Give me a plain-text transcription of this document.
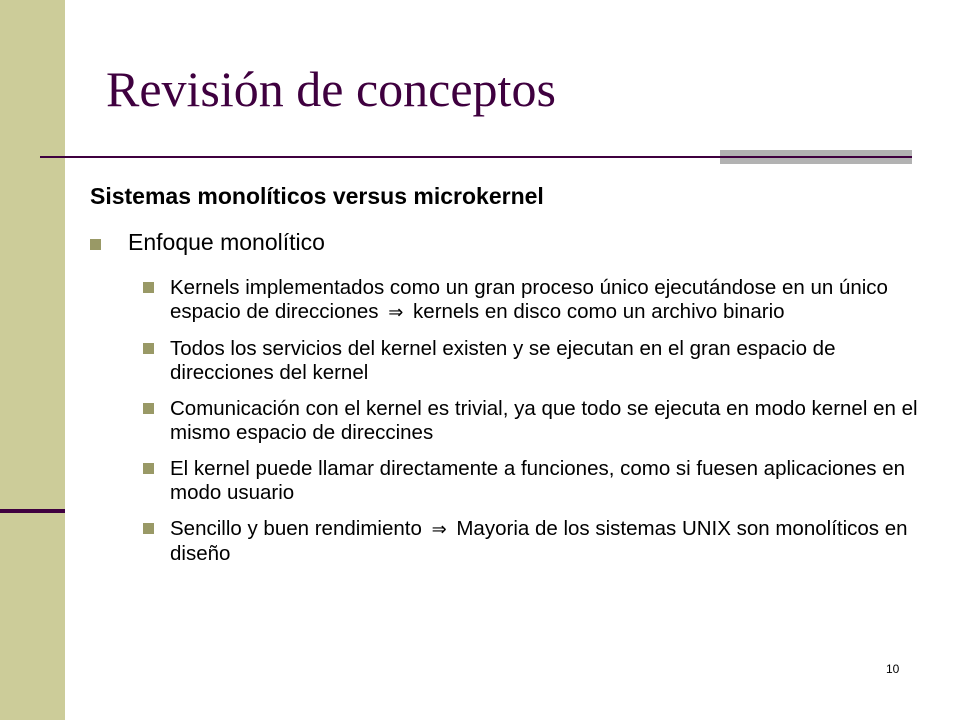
Revisión de conceptos
Sistemas monolíticos versus microkernel
Enfoque monolítico
Kernels implementados como un gran proceso único ejecutándose en un único espacio de direcciones ⇒ kernels en disco como un archivo binario
Todos los servicios del kernel existen y se ejecutan en el gran espacio de direcciones del kernel
Comunicación con el kernel es trivial, ya que todo se ejecuta en modo kernel en el mismo espacio de direccines
El kernel puede llamar directamente a funciones, como si fuesen aplicaciones en modo usuario
Sencillo y buen rendimiento ⇒ Mayoria de los sistemas UNIX son monolíticos en diseño
10
